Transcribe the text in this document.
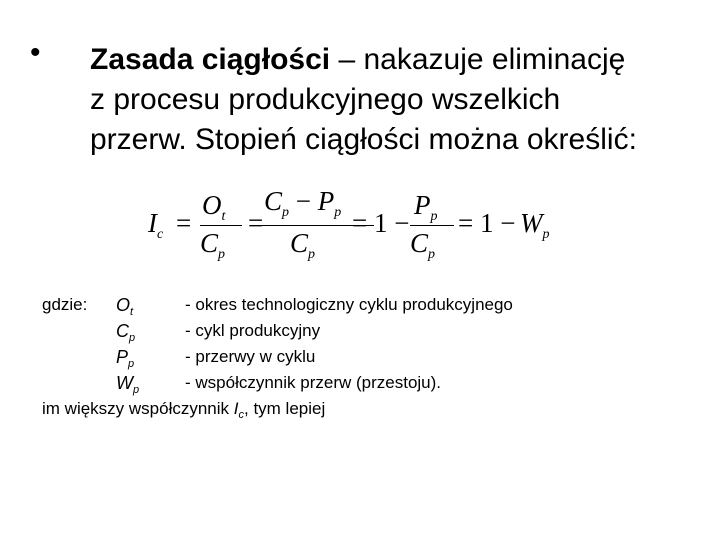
• Zasada ciągłości – nakazuje eliminację
z procesu produkcyjnego wszelkich
przerw. Stopień ciągłości można określić:
$I_c$ =
$O_t$
$C_p$
=
$C_p - P_p$
$C_p$
= 1 −
$P_p$
$C_p$
= $1 - W_p$
gdzie: $O_t$	- okres technologiczny cyklu produkcyjnego
$C_p$	- cykl produkcyjny
$P_p$	- przerwy w cyklu
$W_p$	- współczynnik przerw (przestoju).
im większy współczynnik $I_c$, tym lepiej
